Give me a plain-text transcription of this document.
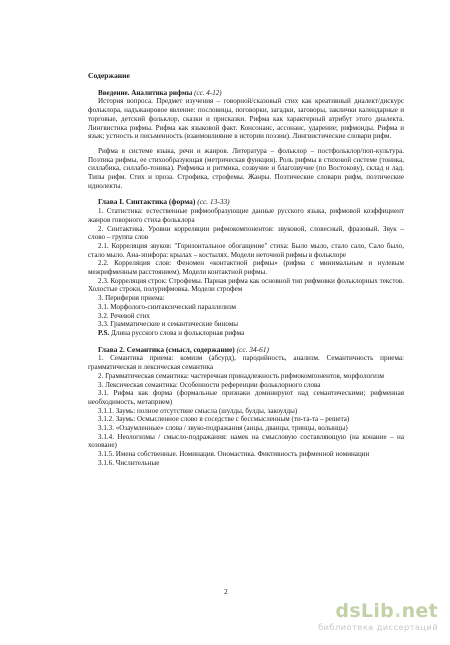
Содержание

Введение. Аналитика рифмы (сс. 4-12)

История вопроса. Предмет изучения – говорной/сказовый стих как креативный диалект/дискурс фольклора, надъжанровое явление: пословицы, поговорки, загадки, заговоры, заклички календарные и торговые, детский фольклор, сказки и присказки. Рифма как характерный атрибут этого диалекта. Лингвистика рифмы. Рифма как языковой факт. Консонанс, ассонанс, ударение; рифмоиды. Рифма и язык; устность и письменность (взаимовлияние в истории поэзии). Лингвистические словари рифм.

Рифма в системе языка, речи и жанров. Литература – фольклор – постфольклор/поп-культура. Поэтика рифмы, ее стихообразующая (метрическая функция). Роль рифмы в стиховой системе (тоника, силлабика, силлабо-тоника). Рифмика и ритмика, созвучие и благозвучие (по Востокову), склад и лад. Типы рифм. Стих и проза. Строфика, строфемы. Жанры. Поэтические словари рифм, поэтические идиолекты.

Глава I. Синтактика (форма) (сс. 13-33)

1. Статистика: естественные рифмообразующие данные русского языка, рифмовой коэффициент жанров говорного стиха фольклора

2. Синтактика. Уровни корреляции рифмокомпонентов: звуковой, словесный, фразовый. Звук – слово – группа слов

2.1. Корреляция звуков: "Горизонтальное обогащение" стиха: Было мыло, стало сало, Сало было, стало мыло. Ана-эпифора: крылах – костылях. Модели неточной рифмы в фольклоре

2.2. Корреляция слов: Феномен «контактной рифмы» (рифма с минимальным и нулевым межрифменным расстоянием). Модели контактной рифмы.

2.3. Корреляция строк: Строфемы. Парная рифма как основной тип рифмовки фольклорных текстов. Холостые строки, полурифмовка. Модели строфем

3. Периферия приема:

3.1. Морфолого-синтаксический параллелизм

3.2. Речевой стих

3.3. Грамматические и семантические биномы

P.S. Длина русского слова и фольклорная рифма

Глава 2. Семантика (смысл, содержание) (сс. 34-61)

1. Семантика приема: комизм (абсурд), пародийность, анализм. Семантичность приема: грамматическая и лексическая семантика

2. Грамматическая семантика: частеречная принадлежность рифмокомпонентов, морфологизм

3. Лексическая семантика: Особенности референции фольклорного слова

3.1. Рифма как форма (формальные признаки доминируют над семантическими; рифменная необходимость, метаприем)

3.1.1. Заумь: полное отсутствие смысла (шулды, булды, закоулды)

3.1.2. Заумь: Осмысленное слово в соседстве с бессмысленным (ти-та-та – решета)

3.1.3. «Озаумленные» слова / звуко-подражания (анцы, дванцы, тринцы, волынцы)

3.1.4. Неологизмы / смысло-подражания: намек на смысловую составляющую (на конание – на хозоване)

3.1.5. Имена собственные. Номинация. Ономастика. Фиктивность рифменной номинации

3.1.6. Числительные

2
dsLib.net
библиотека диссертаций
